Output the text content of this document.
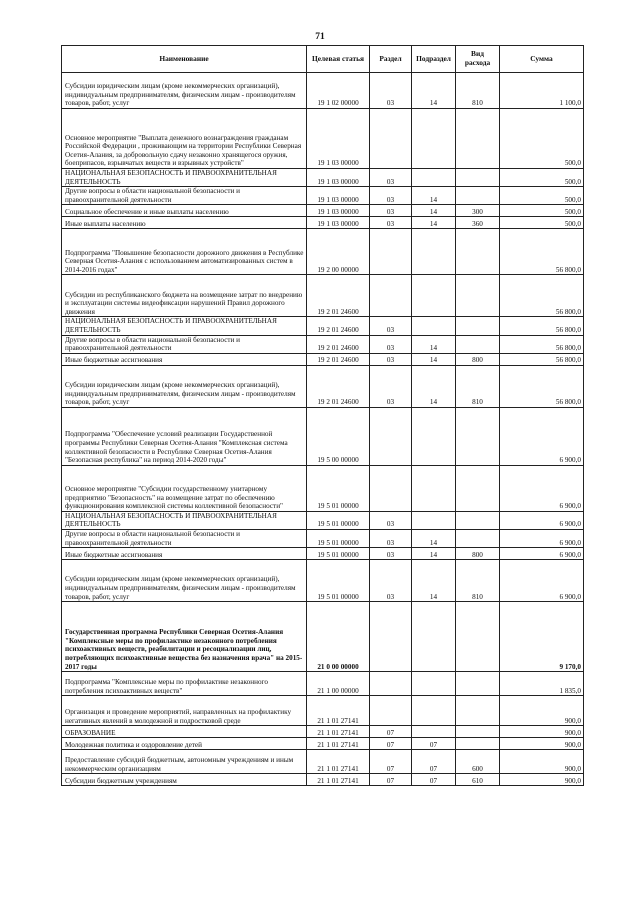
71
Наименование	Целевая статья	Раздел	Подраздел	Вид расхода	Сумма
Субсидии юридическим лицам (кроме некоммерческих организаций), индивидуальным предпринимателям, физическим лицам - производителям товаров, работ, услуг	19 1 02 00000	03	14	810	1 100,0
Основное мероприятие "Выплата денежного вознаграждения гражданам Российской Федерации , проживающим на территории Республики Северная Осетия-Алания, за добровольную сдачу незаконно хранящегося оружия, боеприпасов, взрывчатых веществ и взрывных устройств"	19 1 03 00000				500,0
НАЦИОНАЛЬНАЯ БЕЗОПАСНОСТЬ И ПРАВООХРАНИТЕЛЬНАЯ ДЕЯТЕЛЬНОСТЬ	19 1 03 00000	03			500,0
Другие вопросы в области национальной безопасности и правоохранительной деятельности	19 1 03 00000	03	14		500,0
Социальное обеспечение и иные выплаты населению	19 1 03 00000	03	14	300	500,0
Иные выплаты населению	19 1 03 00000	03	14	360	500,0
Подпрограмма "Повышение безопасности дорожного движения в Республике Северная Осетия-Алания с использованием автоматизированных систем в 2014-2016 годах"	19 2 00 00000				56 800,0
Субсидии из республиканского бюджета на возмещение затрат по внедрению и эксплуатации системы видеофиксации нарушений Правил дорожного движения	19 2 01 24600				56 800,0
НАЦИОНАЛЬНАЯ БЕЗОПАСНОСТЬ И ПРАВООХРАНИТЕЛЬНАЯ ДЕЯТЕЛЬНОСТЬ	19 2 01 24600	03			56 800,0
Другие вопросы в области национальной безопасности и правоохранительной деятельности	19 2 01 24600	03	14		56 800,0
Иные бюджетные ассигнования	19 2 01 24600	03	14	800	56 800,0
Субсидии юридическим лицам (кроме некоммерческих организаций), индивидуальным предпринимателям, физическим лицам - производителям товаров, работ, услуг	19 2 01 24600	03	14	810	56 800,0
Подпрограмма "Обеспечение условий реализации Государственной программы Республики Северная Осетия-Алания "Комплексная система коллективной безопасности в Республике Северная Осетия-Алания "Безопасная республика" на период 2014-2020 годы"	19 5 00 00000				6 900,0
Основное мероприятие "Субсидии государственному унитарному предприятию "Безопасность" на возмещение затрат по обеспечению функционирования комплексной системы коллективной безопасности"	19 5 01 00000				6 900,0
НАЦИОНАЛЬНАЯ БЕЗОПАСНОСТЬ И ПРАВООХРАНИТЕЛЬНАЯ ДЕЯТЕЛЬНОСТЬ	19 5 01 00000	03			6 900,0
Другие вопросы в области национальной безопасности и правоохранительной деятельности	19 5 01 00000	03	14		6 900,0
Иные бюджетные ассигнования	19 5 01 00000	03	14	800	6 900,0
Субсидии юридическим лицам (кроме некоммерческих организаций), индивидуальным предпринимателям, физическим лицам - производителям товаров, работ, услуг	19 5 01 00000	03	14	810	6 900,0
Государственная программа Республики Северная Осетия-Алания "Комплексные меры по профилактике незаконного потребления психоактивных веществ, реабилитации и ресоциализации лиц, потребляющих психоактивные вещества без назначения врача" на 2015-2017 годы	21 0 00 00000				9 170,0
Подпрограмма "Комплексные меры по профилактике незаконного потребления психоактивных веществ"	21 1 00 00000				1 835,0
Организация и проведение мероприятий, направленных на профилактику негативных явлений в молодежной и подростковой среде	21 1 01 27141				900,0
ОБРАЗОВАНИЕ	21 1 01 27141	07			900,0
Молодежная политика и оздоровление детей	21 1 01 27141	07	07		900,0
Предоставление субсидий бюджетным, автономным учреждениям и иным некоммерческим организациям	21 1 01 27141	07	07	600	900,0
Субсидии бюджетным учреждениям	21 1 01 27141	07	07	610	900,0
